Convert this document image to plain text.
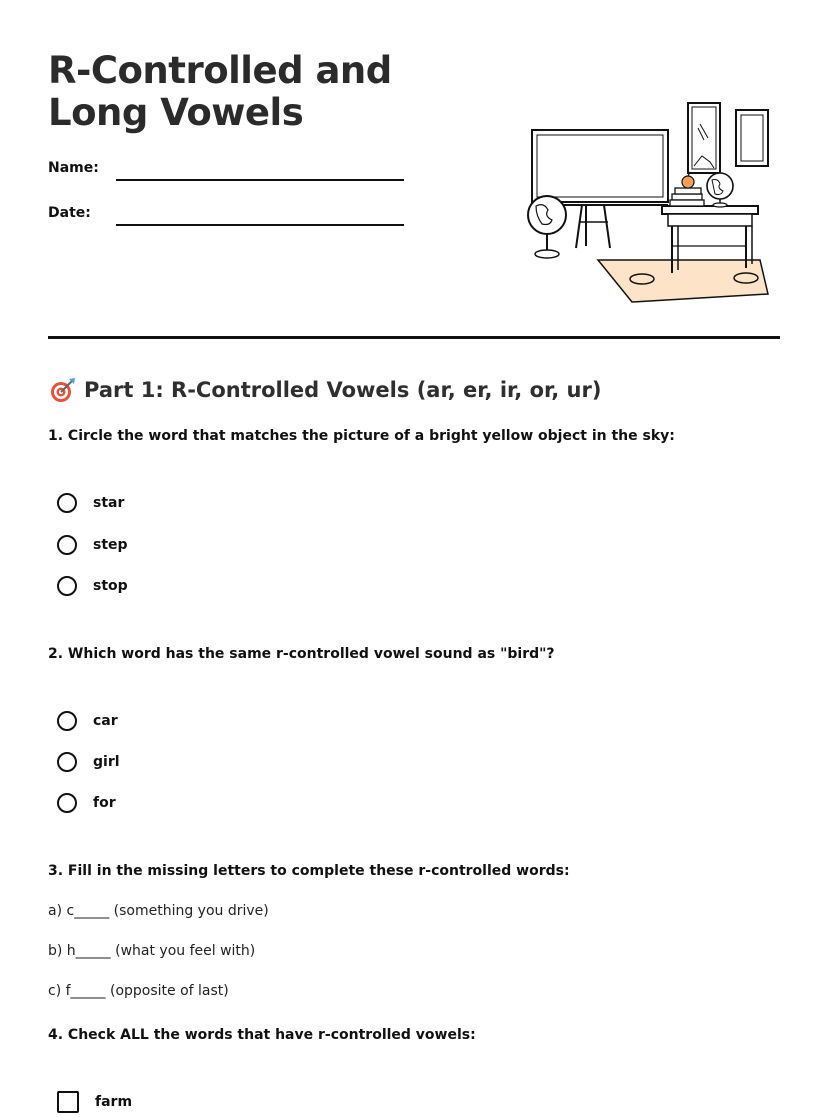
R-Controlled and Long Vowels
Name:
Date:
Part 1: R-Controlled Vowels (ar, er, ir, or, ur)
1. Circle the word that matches the picture of a bright yellow object in the sky:
star
step
stop
2. Which word has the same r-controlled vowel sound as "bird"?
car
girl
for
3. Fill in the missing letters to complete these r-controlled words:
a) c_____ (something you drive)
b) h_____ (what you feel with)
c) f_____ (opposite of last)
4. Check ALL the words that have r-controlled vowels:
farm
